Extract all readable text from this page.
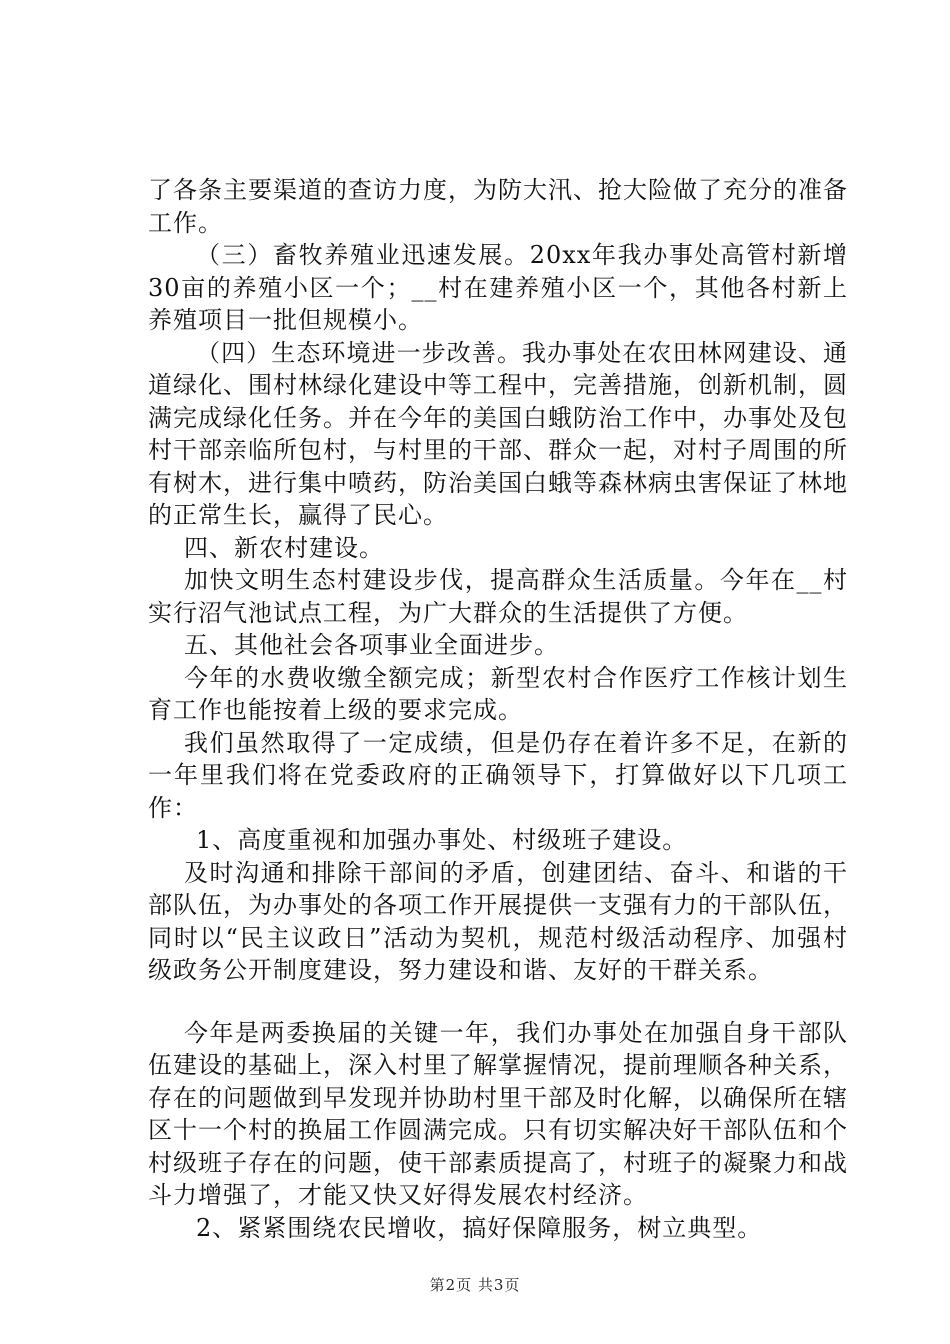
了各条主要渠道的查访力度，为防大汛、抢大险做了充分的准备工作。

（三）畜牧养殖业迅速发展。20xx年我办事处高管村新增30亩的养殖小区一个；__村在建养殖小区一个，其他各村新上养殖项目一批但规模小。

（四）生态环境进一步改善。我办事处在农田林网建设、通道绿化、围村林绿化建设中等工程中，完善措施，创新机制，圆满完成绿化任务。并在今年的美国白蛾防治工作中，办事处及包村干部亲临所包村，与村里的干部、群众一起，对村子周围的所有树木，进行集中喷药，防治美国白蛾等森林病虫害保证了林地的正常生长，赢得了民心。

四、新农村建设。

加快文明生态村建设步伐，提高群众生活质量。今年在__村实行沼气池试点工程，为广大群众的生活提供了方便。

五、其他社会各项事业全面进步。

今年的水费收缴全额完成；新型农村合作医疗工作核计划生育工作也能按着上级的要求完成。

我们虽然取得了一定成绩，但是仍存在着许多不足，在新的一年里我们将在党委政府的正确领导下，打算做好以下几项工作：

1、高度重视和加强办事处、村级班子建设。

及时沟通和排除干部间的矛盾，创建团结、奋斗、和谐的干部队伍，为办事处的各项工作开展提供一支强有力的干部队伍，同时以“民主议政日”活动为契机，规范村级活动程序、加强村级政务公开制度建设，努力建设和谐、友好的干群关系。

今年是两委换届的关键一年，我们办事处在加强自身干部队伍建设的基础上，深入村里了解掌握情况，提前理顺各种关系，存在的问题做到早发现并协助村里干部及时化解，以确保所在辖区十一个村的换届工作圆满完成。只有切实解决好干部队伍和个村级班子存在的问题，使干部素质提高了，村班子的凝聚力和战斗力增强了，才能又快又好得发展农村经济。

2、紧紧围绕农民增收，搞好保障服务，树立典型。

第2页 共3页
